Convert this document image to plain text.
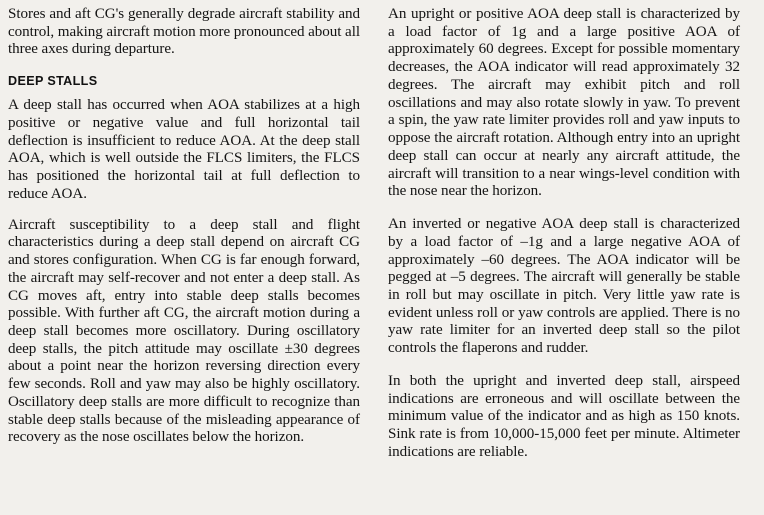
Stores and aft CG's generally degrade aircraft stability and control, making aircraft motion more pronounced about all three axes during departure.

DEEP STALLS

A deep stall has occurred when AOA stabilizes at a high positive or negative value and full horizontal tail deflection is insufficient to reduce AOA. At the deep stall AOA, which is well outside the FLCS limiters, the FLCS has positioned the horizontal tail at full deflection to reduce AOA.

Aircraft susceptibility to a deep stall and flight characteristics during a deep stall depend on aircraft CG and stores configuration. When CG is far enough forward, the aircraft may self-recover and not enter a deep stall. As CG moves aft, entry into stable deep stalls becomes possible. With further aft CG, the aircraft motion during a deep stall becomes more oscillatory. During oscillatory deep stalls, the pitch attitude may oscillate ±30 degrees about a point near the horizon reversing direction every few seconds. Roll and yaw may also be highly oscillatory. Oscillatory deep stalls are more difficult to recognize than stable deep stalls because of the misleading appearance of recovery as the nose oscillates below the horizon.

An upright or positive AOA deep stall is characterized by a load factor of 1g and a large positive AOA of approximately 60 degrees. Except for possible momentary decreases, the AOA indicator will read approximately 32 degrees. The aircraft may exhibit pitch and roll oscillations and may also rotate slowly in yaw. To prevent a spin, the yaw rate limiter provides roll and yaw inputs to oppose the aircraft rotation. Although entry into an upright deep stall can occur at nearly any aircraft attitude, the aircraft will transition to a near wings-level condition with the nose near the horizon.

An inverted or negative AOA deep stall is characterized by a load factor of –1g and a large negative AOA of approximately –60 degrees. The AOA indicator will be pegged at –5 degrees. The aircraft will generally be stable in roll but may oscillate in pitch. Very little yaw rate is evident unless roll or yaw controls are applied. There is no yaw rate limiter for an inverted deep stall so the pilot controls the flaperons and rudder.

In both the upright and inverted deep stall, airspeed indications are erroneous and will oscillate between the minimum value of the indicator and as high as 150 knots. Sink rate is from 10,000-15,000 feet per minute. Altimeter indications are reliable.
